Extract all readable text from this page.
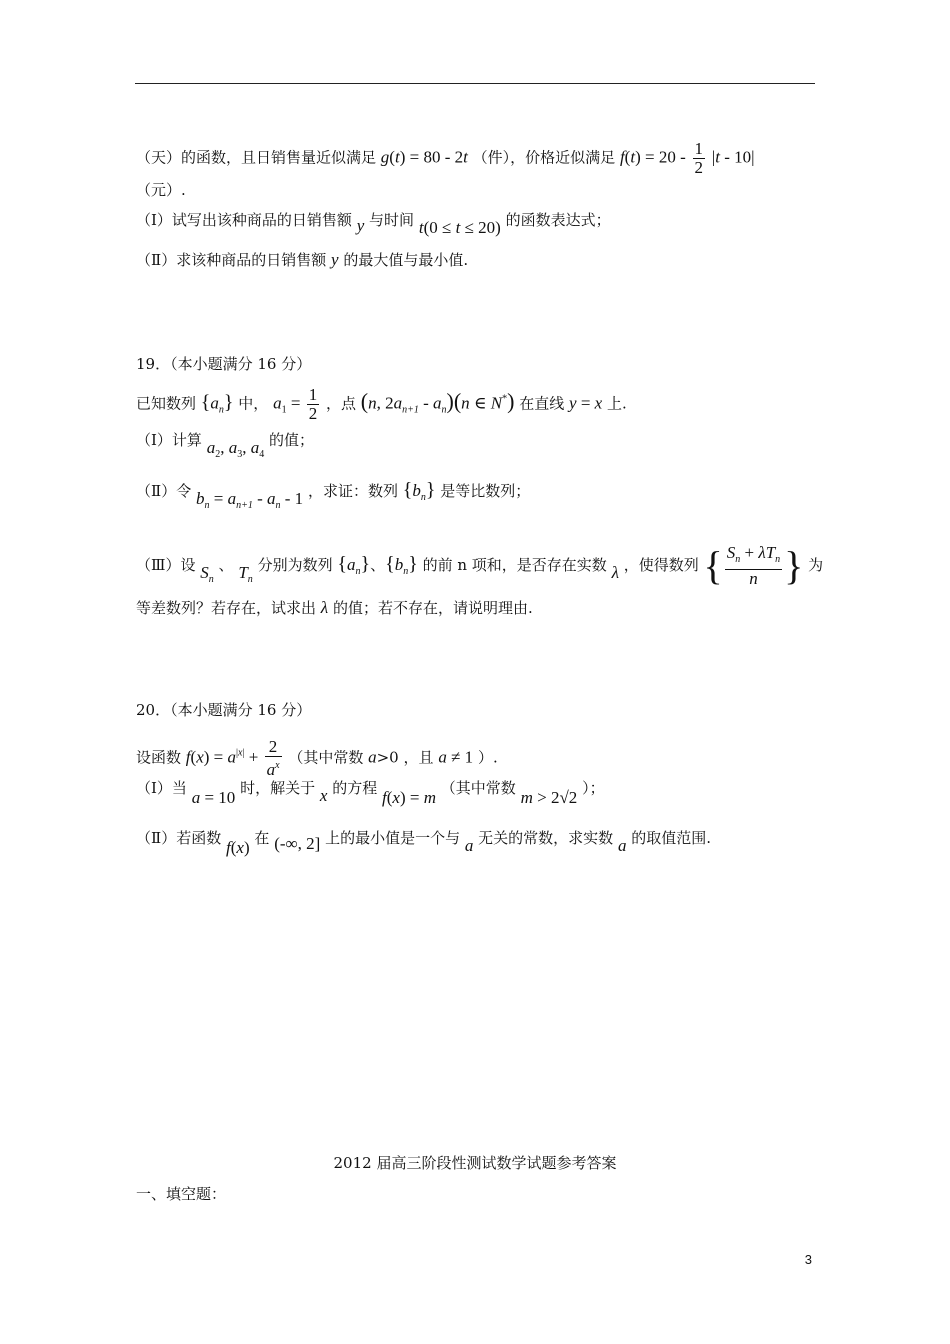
（天）的函数，且日销售量近似满足 g(t) = 80 - 2t （件），价格近似满足 $f(t) = 20 - \frac{1}{2} |t - 10|$
（元）.
（Ⅰ）试写出该种商品的日销售额 y 与时间 t(0 ≤ t ≤ 20) 的函数表达式；
（Ⅱ）求该种商品的日销售额 y 的最大值与最小值.
19．（本小题满分 16 分）
已知数列 $\{a_n\}$ 中， $a_1 = \frac{1}{2}$ ，点 (n, $2a_{n+1} - a_n)(n$ ∈ N*) 在直线 y = x 上.
（Ⅰ）计算 $a_2$, $a_3$, $a_4$ 的值；
（Ⅱ）令 $b_n = a_{n+1} - a_n - 1$ ，求证：数列 $\{b_n\}$ 是等比数列；
（Ⅲ）设 $S_n$ 、 $T_n$ 分别为数列 $\{a_n\}$、$\{b_n\}$ 的前 n 项和，是否存在实数 λ ，使得数列 { $\frac{S_n + \lambda T_n}{n}$ } 为
等差数列？若存在，试求出 λ 的值；若不存在，请说明理由.
20．（本小题满分 16 分）
设函数 $f(x) = a^{|x|} + \frac{2}{a^x}$ （其中常数 a>0 ，且 a ≠ 1 ）.
（Ⅰ）当 a = 10 时，解关于 x 的方程 f(x) = m （其中常数 m > 2√2 ）；
（Ⅱ）若函数 f(x) 在 (-∞, 2] 上的最小值是一个与 a 无关的常数，求实数 a 的取值范围.
2012 届高三阶段性测试数学试题参考答案
一、填空题：
3
